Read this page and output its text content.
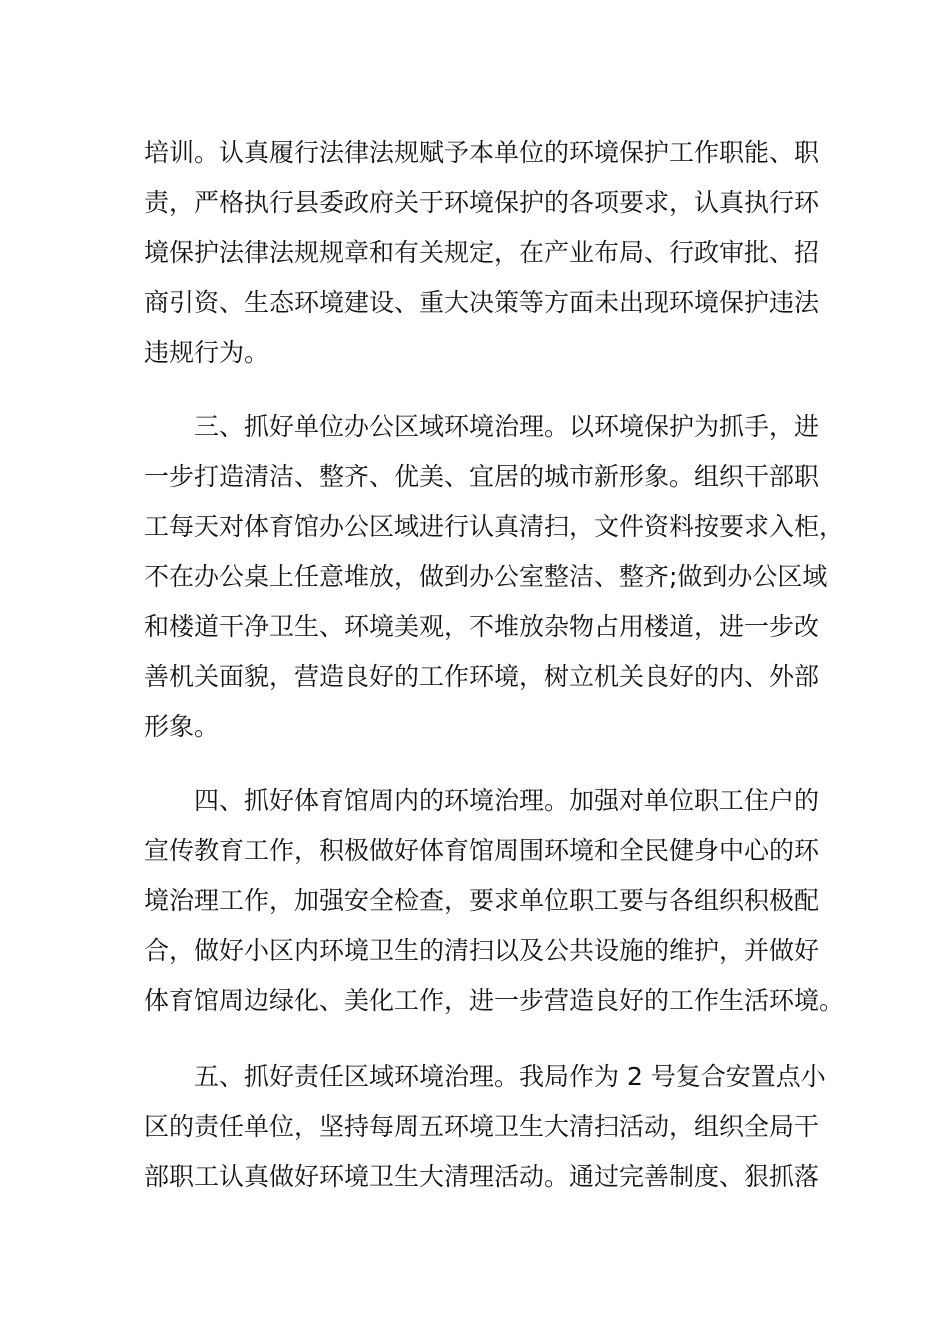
培训。认真履行法律法规赋予本单位的环境保护工作职能、职
责，严格执行县委政府关于环境保护的各项要求，认真执行环
境保护法律法规规章和有关规定，在产业布局、行政审批、招
商引资、生态环境建设、重大决策等方面未出现环境保护违法
违规行为。
三、抓好单位办公区域环境治理。以环境保护为抓手，进
一步打造清洁、整齐、优美、宜居的城市新形象。组织干部职
工每天对体育馆办公区域进行认真清扫，文件资料按要求入柜，
不在办公桌上任意堆放，做到办公室整洁、整齐;做到办公区域
和楼道干净卫生、环境美观，不堆放杂物占用楼道，进一步改
善机关面貌，营造良好的工作环境，树立机关良好的内、外部
形象。
四、抓好体育馆周内的环境治理。加强对单位职工住户的
宣传教育工作，积极做好体育馆周围环境和全民健身中心的环
境治理工作，加强安全检查，要求单位职工要与各组织积极配
合，做好小区内环境卫生的清扫以及公共设施的维护，并做好
体育馆周边绿化、美化工作，进一步营造良好的工作生活环境。
五、抓好责任区域环境治理。我局作为 2 号复合安置点小
区的责任单位，坚持每周五环境卫生大清扫活动，组织全局干
部职工认真做好环境卫生大清理活动。通过完善制度、狠抓落
